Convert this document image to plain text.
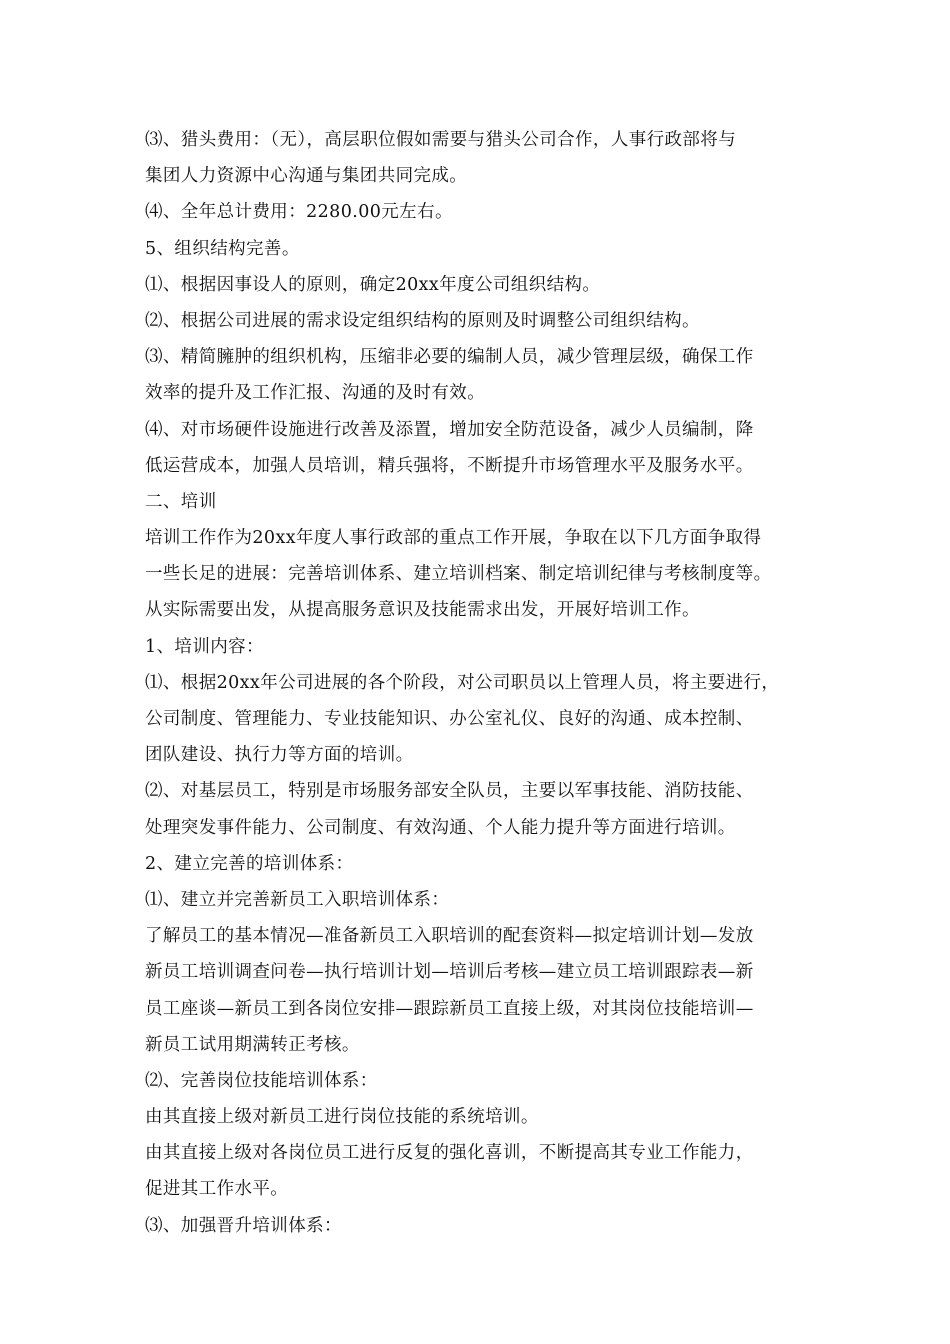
⑶、猎头费用：（无），高层职位假如需要与猎头公司合作，人事行政部将与
集团人力资源中心沟通与集团共同完成。
⑷、全年总计费用：2280.00元左右。
5、组织结构完善。
⑴、根据因事设人的原则，确定20xx年度公司组织结构。
⑵、根据公司进展的需求设定组织结构的原则及时调整公司组织结构。
⑶、精简臃肿的组织机构，压缩非必要的编制人员，减少管理层级，确保工作
效率的提升及工作汇报、沟通的及时有效。
⑷、对市场硬件设施进行改善及添置，增加安全防范设备，减少人员编制，降
低运营成本，加强人员培训，精兵强将，不断提升市场管理水平及服务水平。
二、培训
培训工作作为20xx年度人事行政部的重点工作开展，争取在以下几方面争取得
一些长足的进展：完善培训体系、建立培训档案、制定培训纪律与考核制度等。
从实际需要出发，从提高服务意识及技能需求出发，开展好培训工作。
1、培训内容：
⑴、根据20xx年公司进展的各个阶段，对公司职员以上管理人员，将主要进行，
公司制度、管理能力、专业技能知识、办公室礼仪、良好的沟通、成本控制、
团队建设、执行力等方面的培训。
⑵、对基层员工，特别是市场服务部安全队员，主要以军事技能、消防技能、
处理突发事件能力、公司制度、有效沟通、个人能力提升等方面进行培训。
2、建立完善的培训体系：
⑴、建立并完善新员工入职培训体系：
了解员工的基本情况—准备新员工入职培训的配套资料—拟定培训计划—发放
新员工培训调查问卷—执行培训计划—培训后考核—建立员工培训跟踪表—新
员工座谈—新员工到各岗位安排—跟踪新员工直接上级，对其岗位技能培训—
新员工试用期满转正考核。
⑵、完善岗位技能培训体系：
由其直接上级对新员工进行岗位技能的系统培训。
由其直接上级对各岗位员工进行反复的强化喜训，不断提高其专业工作能力，
促进其工作水平。
⑶、加强晋升培训体系：
